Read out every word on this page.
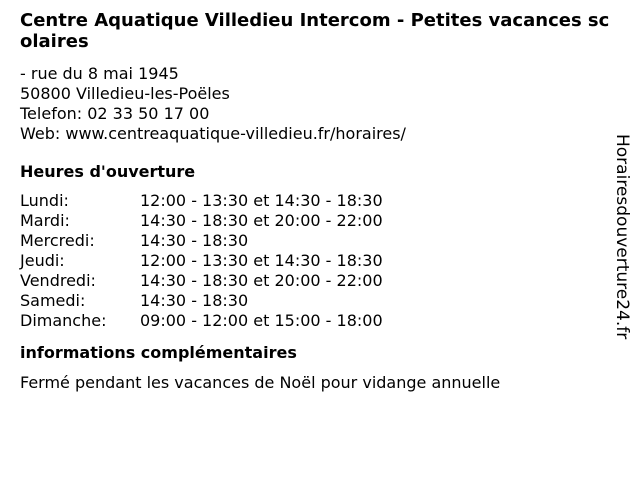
Centre Aquatique Villedieu Intercom - Petites vacances scolaires
- rue du 8 mai 1945
50800 Villedieu-les-Poëles
Telefon: 02 33 50 17 00
Web: www.centreaquatique-villedieu.fr/horaires/
Heures d'ouverture
Lundi:	12:00 - 13:30 et 14:30 - 18:30
Mardi:	14:30 - 18:30 et 20:00 - 22:00
Mercredi:	14:30 - 18:30
Jeudi:	12:00 - 13:30 et 14:30 - 18:30
Vendredi:	14:30 - 18:30 et 20:00 - 22:00
Samedi:	14:30 - 18:30
Dimanche:	09:00 - 12:00 et 15:00 - 18:00
informations complémentaires
Fermé pendant les vacances de Noël pour vidange annuelle
Horairesdouverture24.fr
